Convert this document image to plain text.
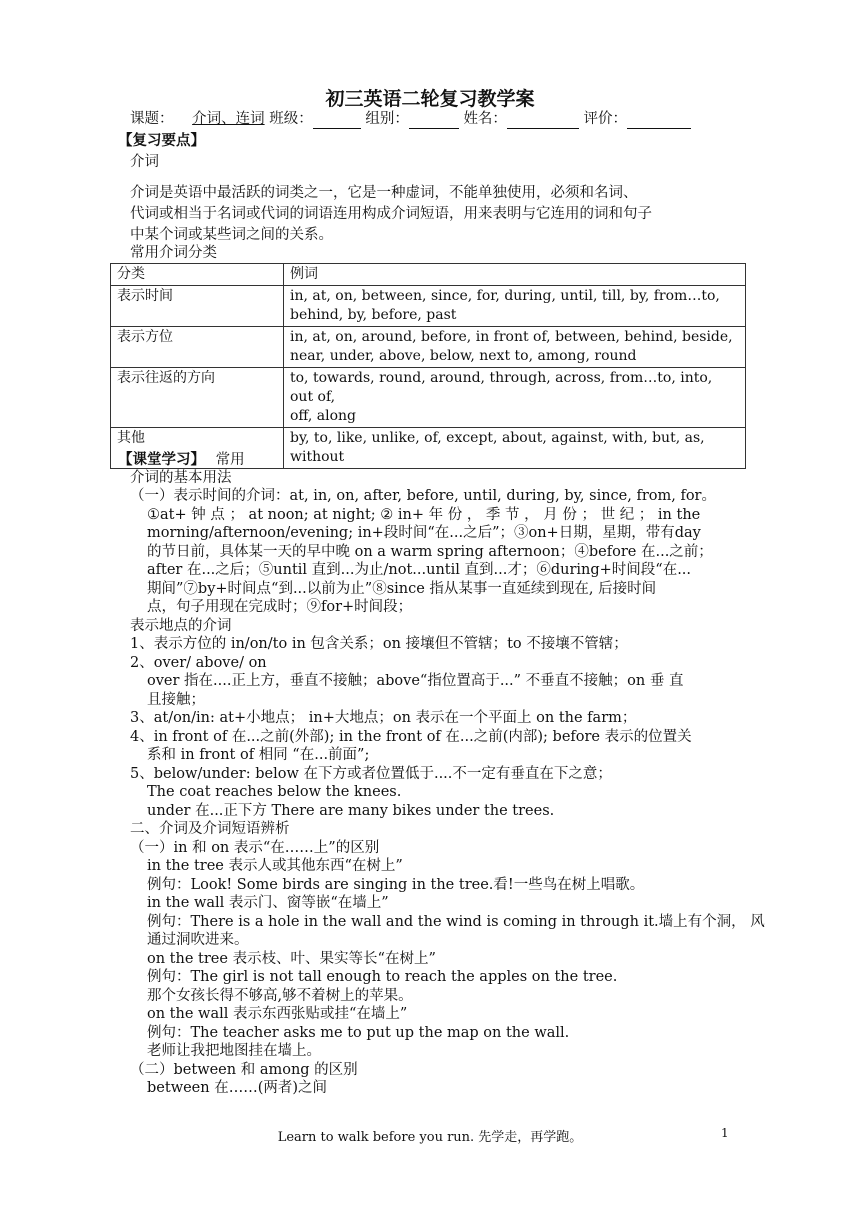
初三英语二轮复习教学案
课题： 介词、连词 班级：	组别：	姓名：	评价：
【复习要点】
介词
介词是英语中最活跃的词类之一，它是一种虚词，不能单独使用，必须和名词、
代词或相当于名词或代词的词语连用构成介词短语，用来表明与它连用的词和句子
中某个词或某些词之间的关系。
常用介词分类
分类	例词
表示时间	in, at, on, between, since, for, during, until, till, by, from…to,
behind, by, before, past

表示方位	in, at, on, around, before, in front of, between, behind, beside,
near, under, above, below, next to, among, round

表示往返的方向	to, towards, round, around, through, across, from…to, into, out of,
off, along

其他	by, to, like, unlike, of, except, about, against, with, but, as, without
【课堂学习】 常用
介词的基本用法
（一）表示时间的介词：at, in, on, after, before, until, during, by, since, from, for。
①at+ 钟 点 ； at noon; at night; ② in+ 年 份 ， 季 节 ， 月 份 ； 世 纪 ； in the
morning/afternoon/evening; in+段时间“在...之后”；③on+日期，星期，带有day
的节日前，具体某一天的早中晚 on a warm spring afternoon；④before 在...之前；
after 在...之后；⑤until 直到...为止/not...until 直到...才；⑥during+时间段“在...
期间”⑦by+时间点“到...以前为止”⑧since 指从某事一直延续到现在, 后接时间
点，句子用现在完成时；⑨for+时间段；
表示地点的介词
1、表示方位的 in/on/to in 包含关系；on 接壤但不管辖；to 不接壤不管辖；
2、over/ above/ on
over 指在....正上方，垂直不接触；above“指位置高于...” 不垂直不接触；on 垂 直
且接触；
3、at/on/in: at+小地点； in+大地点；on 表示在一个平面上 on the farm；
4、in front of 在...之前(外部); in the front of 在...之前(内部); before 表示的位置关
系和 in front of 相同 “在...前面”;
5、below/under: below 在下方或者位置低于....不一定有垂直在下之意；
The coat reaches below the knees.
under 在...正下方 There are many bikes under the trees.
二、介词及介词短语辨析
（一）in 和 on 表示“在……上”的区别
in the tree 表示人或其他东西“在树上”
例句：Look! Some birds are singing in the tree.看!一些鸟在树上唱歌。
in the wall 表示门、窗等嵌“在墙上”
例句：There is a hole in the wall and the wind is coming in through it.墙上有个洞， 风
通过洞吹进来。
on the tree 表示枝、叶、果实等长“在树上”
例句：The girl is not tall enough to reach the apples on the tree.
那个女孩长得不够高,够不着树上的苹果。
on the wall 表示东西张贴或挂“在墙上”
例句：The teacher asks me to put up the map on the wall.
老师让我把地图挂在墙上。
（二）between 和 among 的区别
between 在……(两者)之间
Learn to walk before you run. 先学走，再学跑。	1
